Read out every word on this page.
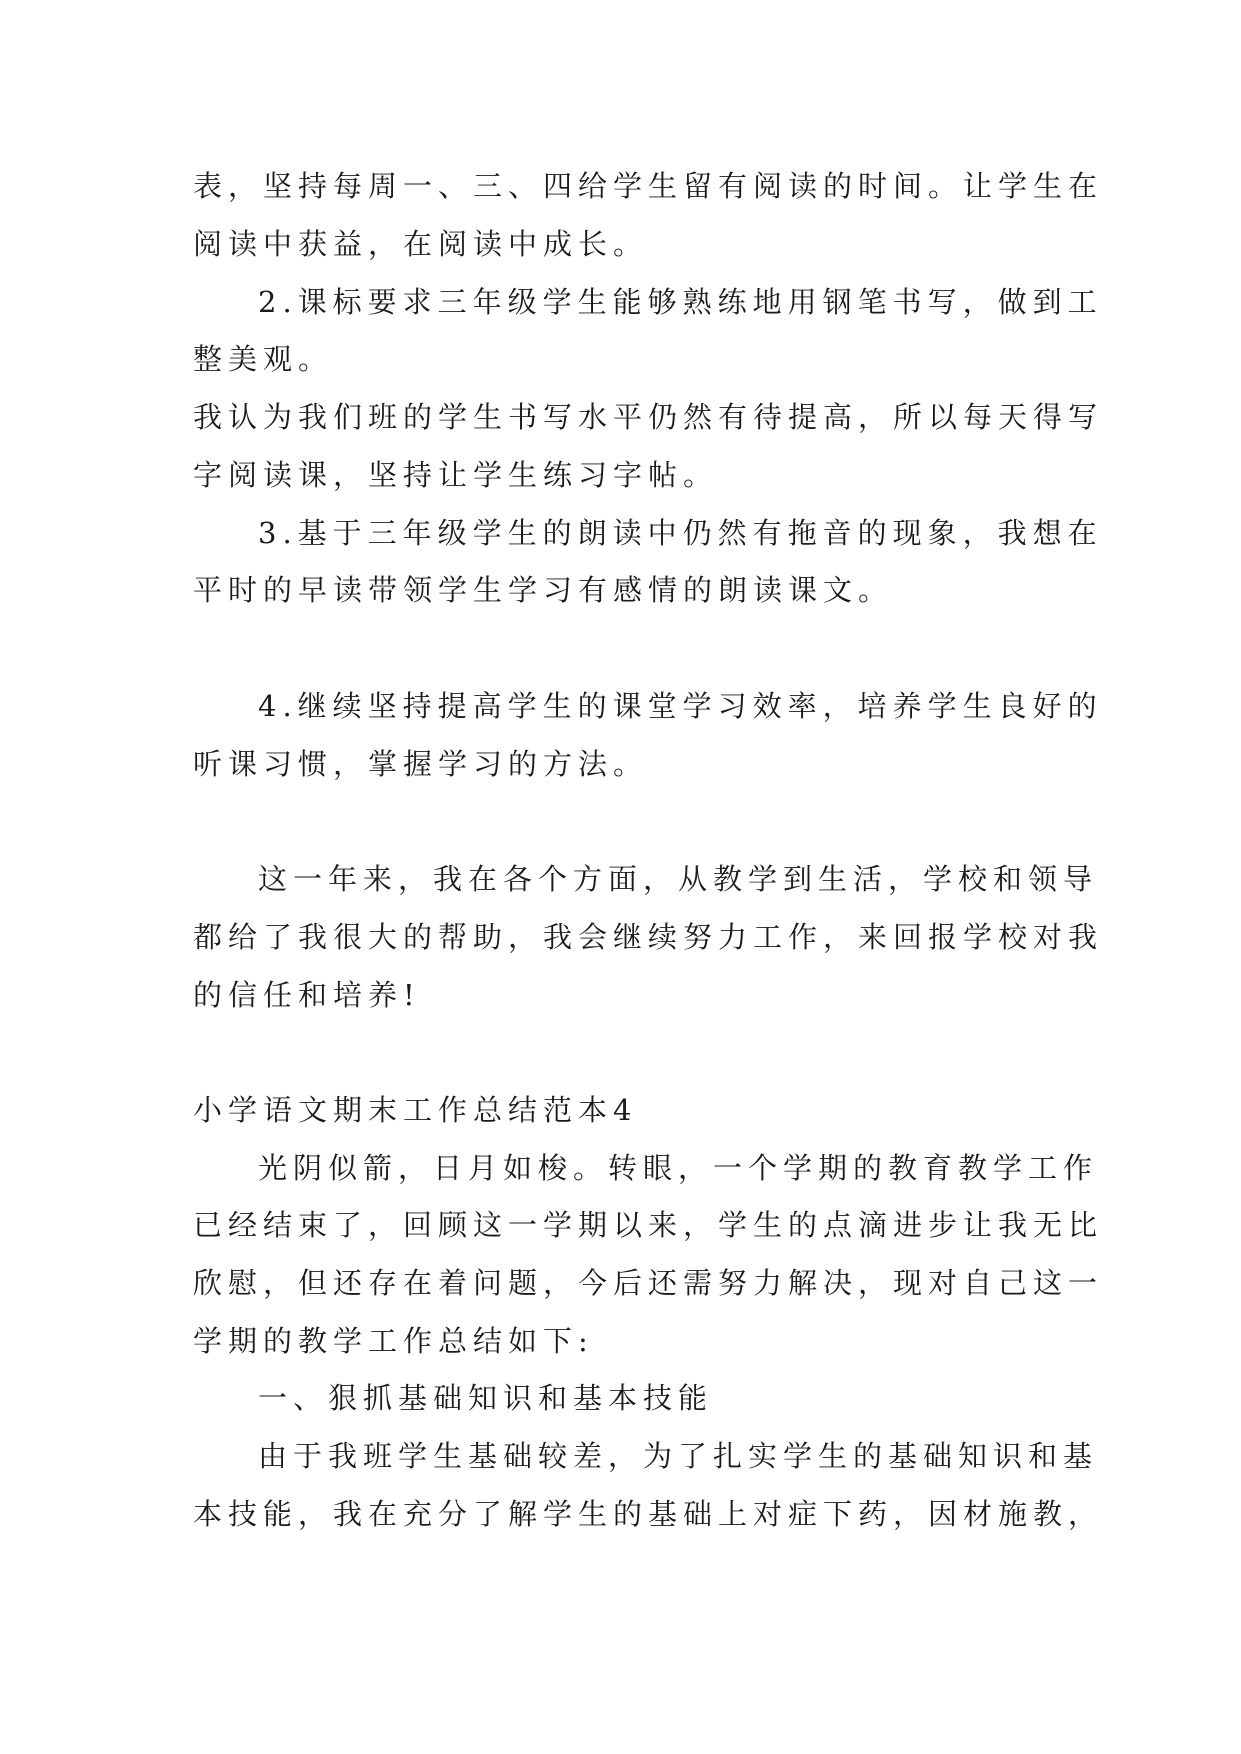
表，坚持每周一、三、四给学生留有阅读的时间。让学生在
阅读中获益，在阅读中成长。
2.课标要求三年级学生能够熟练地用钢笔书写，做到工
整美观。
我认为我们班的学生书写水平仍然有待提高，所以每天得写
字阅读课，坚持让学生练习字帖。
3.基于三年级学生的朗读中仍然有拖音的现象，我想在
平时的早读带领学生学习有感情的朗读课文。
4.继续坚持提高学生的课堂学习效率，培养学生良好的
听课习惯，掌握学习的方法。
这一年来，我在各个方面，从教学到生活，学校和领导
都给了我很大的帮助，我会继续努力工作，来回报学校对我
的信任和培养!
小学语文期末工作总结范本4
光阴似箭，日月如梭。转眼，一个学期的教育教学工作
已经结束了，回顾这一学期以来，学生的点滴进步让我无比
欣慰，但还存在着问题，今后还需努力解决，现对自己这一
学期的教学工作总结如下:
一、狠抓基础知识和基本技能
由于我班学生基础较差，为了扎实学生的基础知识和基
本技能，我在充分了解学生的基础上对症下药，因材施教，
